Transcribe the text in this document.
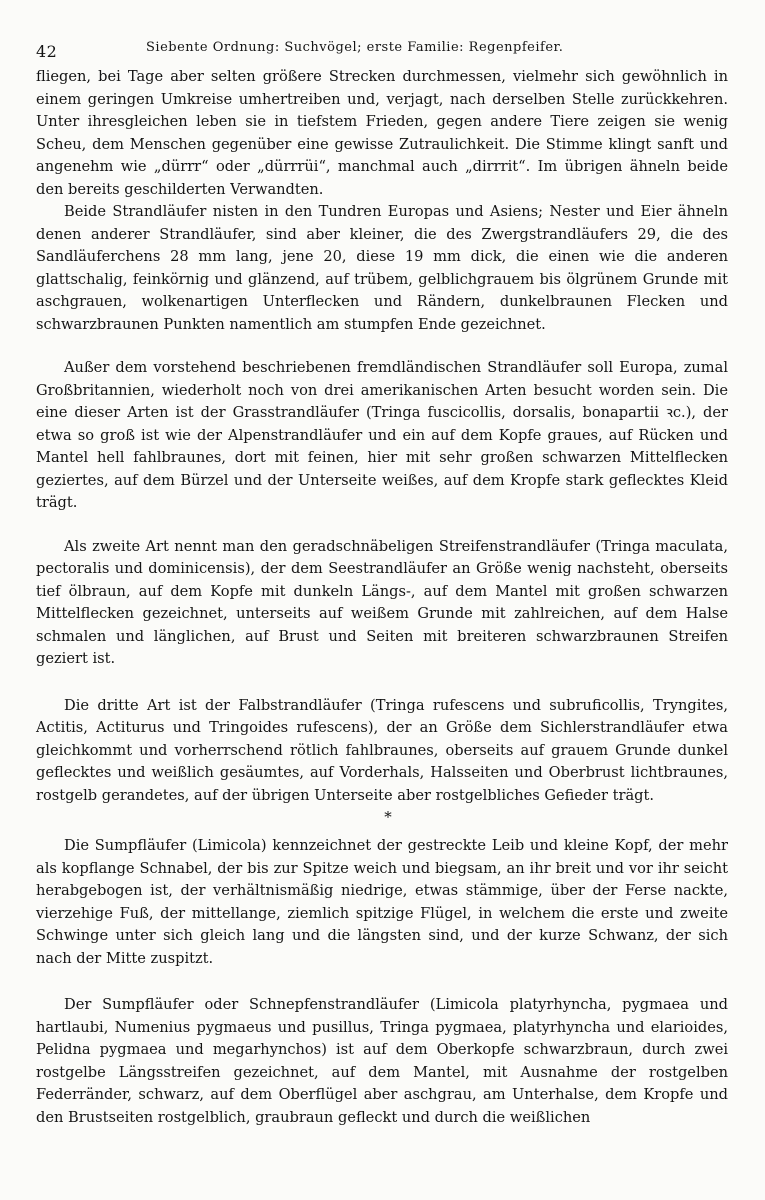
42	Siebente Ordnung: Suchvögel; erste Familie: Regenpfeifer.

fliegen, bei Tage aber selten größere Strecken durchmessen, vielmehr sich gewöhnlich in einem geringen Umkreise umhertreiben und, verjagt, nach derselben Stelle zurückkehren. Unter ihresgleichen leben sie in tiefstem Frieden, gegen andere Tiere zeigen sie wenig Scheu, dem Menschen gegenüber eine gewisse Zutraulichkeit. Die Stimme klingt sanft und angenehm wie „dürrr“ oder „dürrrüi“, manchmal auch „dirrrit“. Im übrigen ähneln beide den bereits geschilderten Verwandten.

Beide Strandläufer nisten in den Tundren Europas und Asiens; Nester und Eier ähneln denen anderer Strandläufer, sind aber kleiner, die des Zwergstrandläufers 29, die des Sandläuferchens 28 mm lang, jene 20, diese 19 mm dick, die einen wie die anderen glattschalig, feinkörnig und glänzend, auf trübem, gelblichgrauem bis ölgrünem Grunde mit aschgrauen, wolkenartigen Unterflecken und Rändern, dunkelbraunen Flecken und schwarzbraunen Punkten namentlich am stumpfen Ende gezeichnet.

Außer dem vorstehend beschriebenen fremdländischen Strandläufer soll Europa, zumal Großbritannien, wiederholt noch von drei amerikanischen Arten besucht worden sein. Die eine dieser Arten ist der Grasstrandläufer (Tringa fuscicollis, dorsalis, bonapartii ꝛc.), der etwa so groß ist wie der Alpenstrandläufer und ein auf dem Kopfe graues, auf Rücken und Mantel hell fahlbraunes, dort mit feinen, hier mit sehr großen schwarzen Mittelflecken geziertes, auf dem Bürzel und der Unterseite weißes, auf dem Kropfe stark geflecktes Kleid trägt.

Als zweite Art nennt man den geradschnäbeligen Streifenstrandläufer (Tringa maculata, pectoralis und dominicensis), der dem Seestrandläufer an Größe wenig nachsteht, oberseits tief ölbraun, auf dem Kopfe mit dunkeln Längs-, auf dem Mantel mit großen schwarzen Mittelflecken gezeichnet, unterseits auf weißem Grunde mit zahlreichen, auf dem Halse schmalen und länglichen, auf Brust und Seiten mit breiteren schwarzbraunen Streifen geziert ist.

Die dritte Art ist der Falbstrandläufer (Tringa rufescens und subruficollis, Tryngites, Actitis, Actiturus und Tringoides rufescens), der an Größe dem Sichlerstrandläufer etwa gleichkommt und vorherrschend rötlich fahlbraunes, oberseits auf grauem Grunde dunkel geflecktes und weißlich gesäumtes, auf Vorderhals, Halsseiten und Oberbrust lichtbraunes, rostgelb gerandetes, auf der übrigen Unterseite aber rostgelbliches Gefieder trägt.

*

Die Sumpfläufer (Limicola) kennzeichnet der gestreckte Leib und kleine Kopf, der mehr als kopflange Schnabel, der bis zur Spitze weich und biegsam, an ihr breit und vor ihr seicht herabgebogen ist, der verhältnismäßig niedrige, etwas stämmige, über der Ferse nackte, vierzehige Fuß, der mittellange, ziemlich spitzige Flügel, in welchem die erste und zweite Schwinge unter sich gleich lang und die längsten sind, und der kurze Schwanz, der sich nach der Mitte zuspitzt.

Der Sumpfläufer oder Schnepfenstrandläufer (Limicola platyrhyncha, pygmaea und hartlaubi, Numenius pygmaeus und pusillus, Tringa pygmaea, platyrhyncha und elarioides, Pelidna pygmaea und megarhynchos) ist auf dem Oberkopfe schwarzbraun, durch zwei rostgelbe Längsstreifen gezeichnet, auf dem Mantel, mit Ausnahme der rostgelben Federränder, schwarz, auf dem Oberflügel aber aschgrau, am Unterhalse, dem Kropfe und den Brustseiten rostgelblich, graubraun gefleckt und durch die weißlichen
